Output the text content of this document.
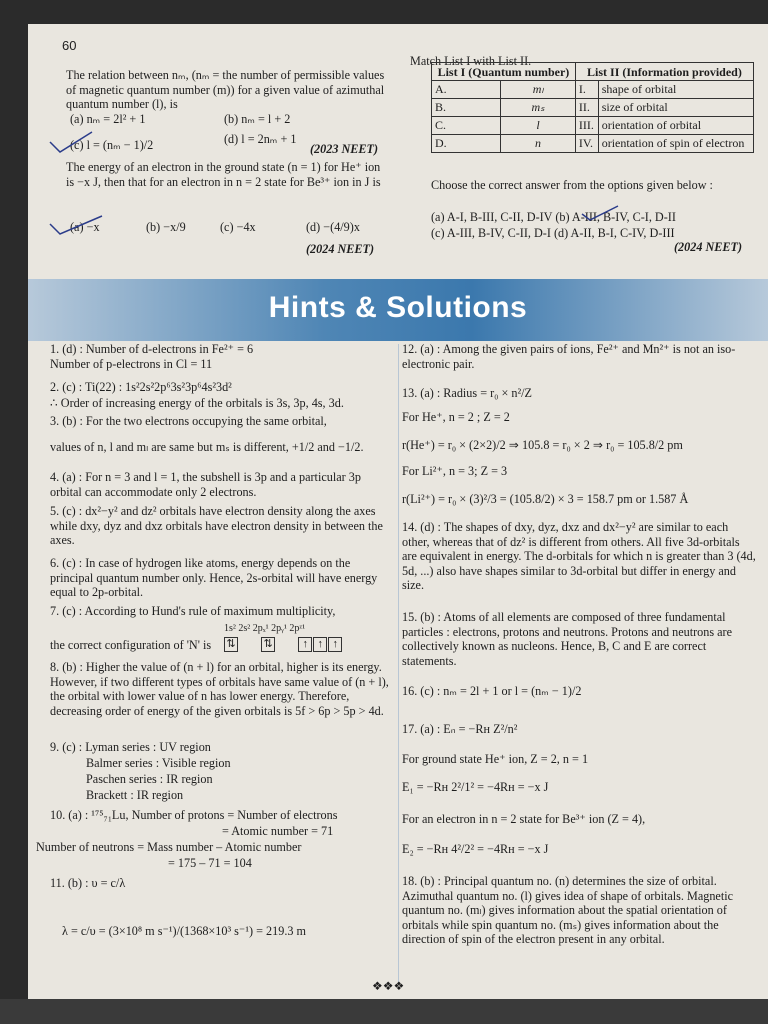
60
The relation between nₘ, (nₘ = the number of permissible values of magnetic quantum number (m)) for a given value of azimuthal quantum number (l), is
(a) nₘ = 2l² + 1	(b) nₘ = l + 2
(c) l = (nₘ − 1)/2	(d) l = 2nₘ + 1
(2023 NEET)
The energy of an electron in the ground state (n = 1) for He⁺ ion is −x J, then that for an electron in n = 2 state for Be³⁺ ion in J is
(a) −x	(b) −x/9	(c) −4x	(d) −(4/9)x
(2024 NEET)
Match List I with List II.
List I (Quantum number)		List II (Information provided)	
A.	mₗ	I.	shape of orbital
B.	mₛ	II.	size of orbital
C.	l	III.	orientation of orbital
D.	n	IV.	orientation of spin of electron
Choose the correct answer from the options given below :
(a) A-I, B-III, C-II, D-IV (b) A-III, B-IV, C-I, D-II
(c) A-III, B-IV, C-II, D-I (d) A-II, B-I, C-IV, D-III
(2024 NEET)
Hints & Solutions
1. (d) : Number of d-electrons in Fe²⁺ = 6
Number of p-electrons in Cl = 11
2. (c) : Ti(22) : 1s²2s²2p⁶3s²3p⁶4s²3d²
∴ Order of increasing energy of the orbitals is 3s, 3p, 4s, 3d.
3. (b) : For the two electrons occupying the same orbital,
values of n, l and mₗ are same but mₛ is different, +1/2 and −1/2.
4. (a) : For n = 3 and l = 1, the subshell is 3p and a particular 3p orbital can accommodate only 2 electrons.
5. (c) : dx²−y² and dz² orbitals have electron density along the axes while dxy, dyz and dxz orbitals have electron density in between the axes.
6. (c) : In case of hydrogen like atoms, energy depends on the principal quantum number only. Hence, 2s-orbital will have energy equal to 2p-orbital.
7. (c) : According to Hund's rule of maximum multiplicity,
1s² 2s² 2pₓ¹ 2pᵧ¹ 2pᶻ¹
the correct configuration of 'N' is	⇅	⇅	↑ ↑ ↑
8. (b) : Higher the value of (n + l) for an orbital, higher is its energy. However, if two different types of orbitals have same value of (n + l), the orbital with lower value of n has lower energy. Therefore, decreasing order of energy of the given orbitals is 5f > 6p > 5p > 4d.
9. (c) : Lyman series : UV region
Balmer series : Visible region
Paschen series : IR region
Brackett : IR region
10. (a) : ¹⁷⁵₇₁Lu, Number of protons = Number of electrons
= Atomic number = 71
Number of neutrons = Mass number – Atomic number
= 175 – 71 = 104
11. (b) : υ = c/λ
λ = c/υ = (3×10⁸ m s⁻¹)/(1368×10³ s⁻¹) = 219.3 m
12. (a) : Among the given pairs of ions, Fe²⁺ and Mn²⁺ is not an iso-electronic pair.
13. (a) : Radius = r₀ × n²/Z
For He⁺, n = 2 ; Z = 2
r(He⁺) = r₀ × (2×2)/2 ⇒ 105.8 = r₀ × 2 ⇒ r₀ = 105.8/2 pm
For Li²⁺, n = 3; Z = 3
r(Li²⁺) = r₀ × (3)²/3 = (105.8/2) × 3 = 158.7 pm or 1.587 Å
14. (d) : The shapes of dxy, dyz, dxz and dx²−y² are similar to each other, whereas that of dz² is different from others. All five 3d-orbitals are equivalent in energy. The d-orbitals for which n is greater than 3 (4d, 5d, ...) also have shapes similar to 3d-orbital but differ in energy and size.
15. (b) : Atoms of all elements are composed of three fundamental particles : electrons, protons and neutrons. Protons and neutrons are collectively known as nucleons. Hence, B, C and E are correct statements.
16. (c) : nₘ = 2l + 1 or l = (nₘ − 1)/2
17. (a) : Eₙ = −Rʜ Z²/n²
For ground state He⁺ ion, Z = 2, n = 1
E₁ = −Rʜ 2²/1² = −4Rʜ = −x J
For an electron in n = 2 state for Be³⁺ ion (Z = 4),
E₂ = −Rʜ 4²/2² = −4Rʜ = −x J
18. (b) : Principal quantum no. (n) determines the size of orbital. Azimuthal quantum no. (l) gives idea of shape of orbitals. Magnetic quantum no. (mₗ) gives information about the spatial orientation of orbitals while spin quantum no. (mₛ) gives information about the direction of spin of the electron present in any orbital.
❖❖❖
